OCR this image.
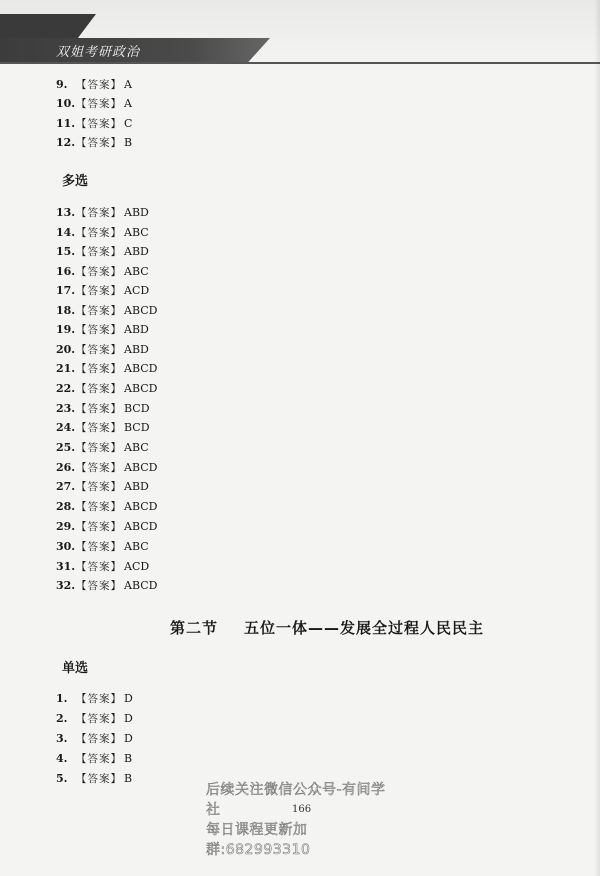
双姐考研政治
9. 【答案】 A
10.【答案】 A
11.【答案】 C
12.【答案】 B
多选
13.【答案】 ABD
14.【答案】 ABC
15.【答案】 ABD
16.【答案】 ABC
17.【答案】 ACD
18.【答案】 ABCD
19.【答案】 ABD
20.【答案】 ABD
21.【答案】 ABCD
22.【答案】 ABCD
23.【答案】 BCD
24.【答案】 BCD
25.【答案】 ABC
26.【答案】 ABCD
27.【答案】 ABD
28.【答案】 ABCD
29.【答案】 ABCD
30.【答案】 ABC
31.【答案】 ACD
32.【答案】 ABCD
第二节 五位一体——发展全过程人民民主
单选
1. 【答案】 D
2. 【答案】 D
3. 【答案】 D
4. 【答案】 B
5. 【答案】 B
166
后续关注微信公众号-有间学社
每日课程更新加群:682993310
